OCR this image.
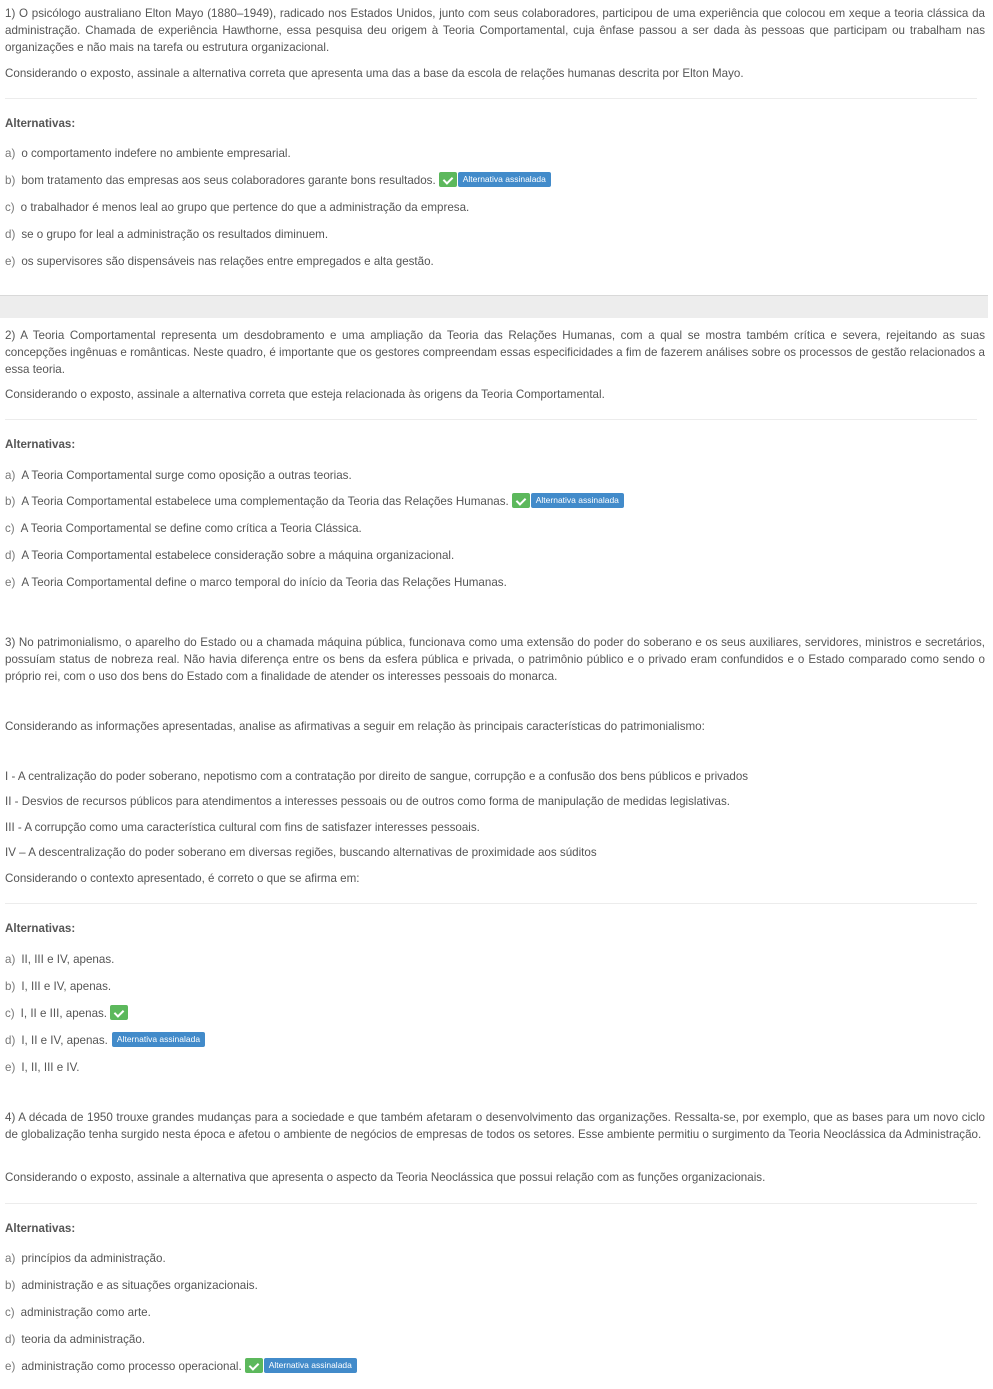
1) O psicólogo australiano Elton Mayo (1880–1949), radicado nos Estados Unidos, junto com seus colaboradores, participou de uma experiência que colocou em xeque a teoria clássica da administração. Chamada de experiência Hawthorne, essa pesquisa deu origem à Teoria Comportamental, cuja ênfase passou a ser dada às pessoas que participam ou trabalham nas organizações e não mais na tarefa ou estrutura organizacional.

Considerando o exposto, assinale a alternativa correta que apresenta uma das a base da escola de relações humanas descrita por Elton Mayo.

Alternativas:
a) o comportamento indefere no ambiente empresarial.
b) bom tratamento das empresas aos seus colaboradores garante bons resultados.	Alternativa assinalada
c) o trabalhador é menos leal ao grupo que pertence do que a administração da empresa.
d) se o grupo for leal a administração os resultados diminuem.
e) os supervisores são dispensáveis nas relações entre empregados e alta gestão.

2) A Teoria Comportamental representa um desdobramento e uma ampliação da Teoria das Relações Humanas, com a qual se mostra também crítica e severa, rejeitando as suas concepções ingênuas e românticas. Neste quadro, é importante que os gestores compreendam essas especificidades a fim de fazerem análises sobre os processos de gestão relacionados a essa teoria.

Considerando o exposto, assinale a alternativa correta que esteja relacionada às origens da Teoria Comportamental.

Alternativas:
a) A Teoria Comportamental surge como oposição a outras teorias.
b) A Teoria Comportamental estabelece uma complementação da Teoria das Relações Humanas.	Alternativa assinalada
c) A Teoria Comportamental se define como crítica a Teoria Clássica.
d) A Teoria Comportamental estabelece consideração sobre a máquina organizacional.
e) A Teoria Comportamental define o marco temporal do início da Teoria das Relações Humanas.

3) No patrimonialismo, o aparelho do Estado ou a chamada máquina pública, funcionava como uma extensão do poder do soberano e os seus auxiliares, servidores, ministros e secretários, possuíam status de nobreza real. Não havia diferença entre os bens da esfera pública e privada, o patrimônio público e o privado eram confundidos e o Estado comparado como sendo o próprio rei, com o uso dos bens do Estado com a finalidade de atender os interesses pessoais do monarca.

Considerando as informações apresentadas, analise as afirmativas a seguir em relação às principais características do patrimonialismo:

I - A centralização do poder soberano, nepotismo com a contratação por direito de sangue, corrupção e a confusão dos bens públicos e privados

II - Desvios de recursos públicos para atendimentos a interesses pessoais ou de outros como forma de manipulação de medidas legislativas.

III - A corrupção como uma característica cultural com fins de satisfazer interesses pessoais.

IV – A descentralização do poder soberano em diversas regiões, buscando alternativas de proximidade aos súditos

Considerando o contexto apresentado, é correto o que se afirma em:

Alternativas:
a) II, III e IV, apenas.
b) I, III e IV, apenas.
c) I, II e III, apenas.
d) I, II e IV, apenas. Alternativa assinalada
e) I, II, III e IV.

4) A década de 1950 trouxe grandes mudanças para a sociedade e que também afetaram o desenvolvimento das organizações. Ressalta-se, por exemplo, que as bases para um novo ciclo de globalização tenha surgido nesta época e afetou o ambiente de negócios de empresas de todos os setores. Esse ambiente permitiu o surgimento da Teoria Neoclássica da Administração.

Considerando o exposto, assinale a alternativa que apresenta o aspecto da Teoria Neoclássica que possui relação com as funções organizacionais.

Alternativas:
a) princípios da administração.
b) administração e as situações organizacionais.
c) administração como arte.
d) teoria da administração.
e) administração como processo operacional.	Alternativa assinalada
